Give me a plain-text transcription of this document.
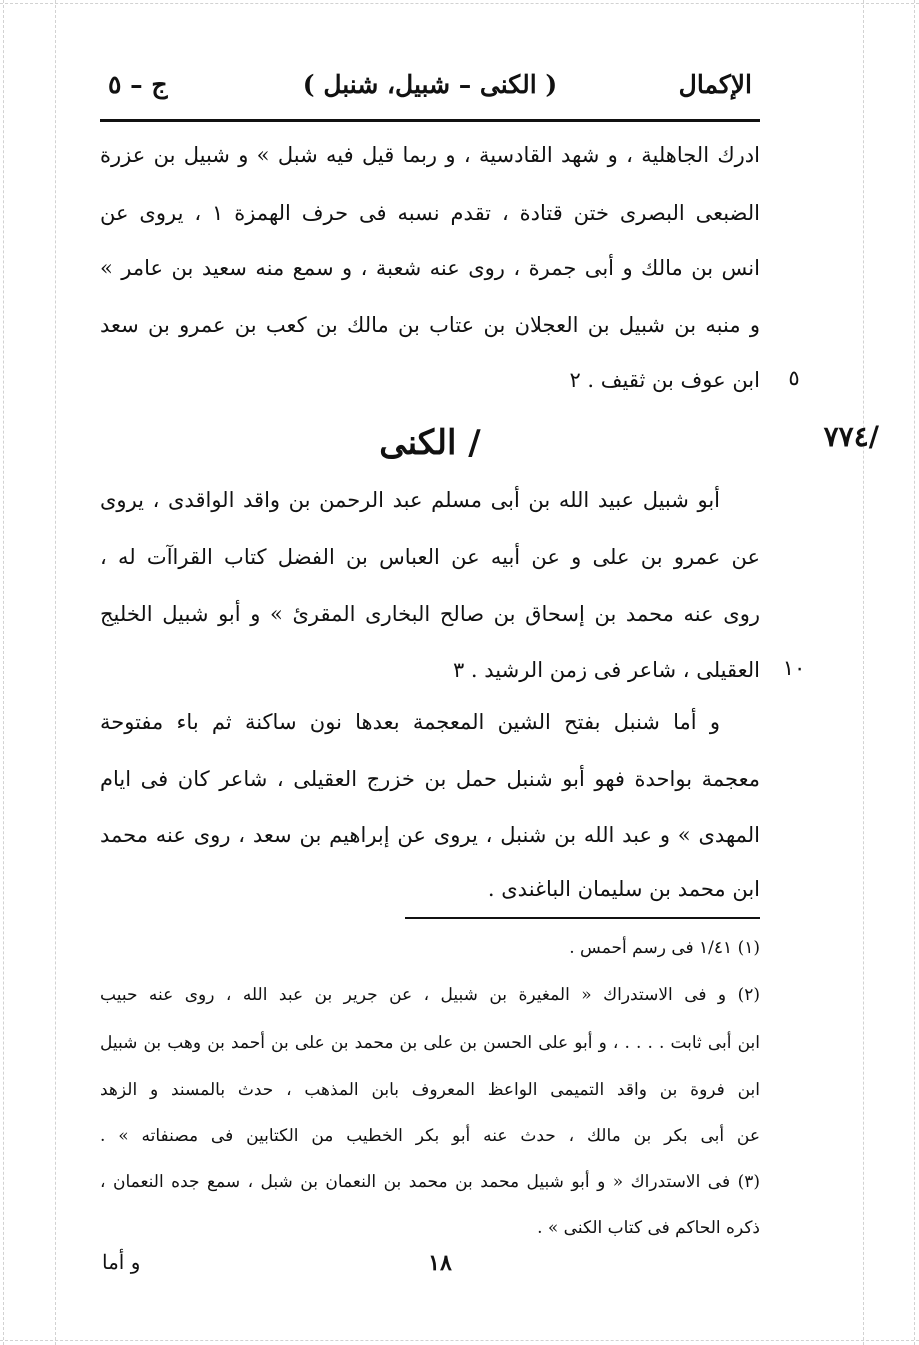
الإكمال
( الكنى – شبيل، شنبل )
ج – ٥
ادرك الجاهلية ، و شهد القادسية ، و ربما قيل فيه شبل » و شبيل بن عزرة
الضبعى البصرى ختن قتادة ، تقدم نسبه فى حرف الهمزة ١ ، يروى عن
انس بن مالك و أبى جمرة ، روى عنه شعبة ، و سمع منه سعيد بن عامر »
و منبه بن شبيل بن العجلان بن عتاب بن مالك بن كعب بن عمرو بن سعد
ابن عوف بن ثقيف . ٢	٥
/ الكنى	/٧٧٤
أبو شبيل عبيد الله بن أبى مسلم عبد الرحمن بن واقد الواقدى ، يروى
عن عمرو بن على و عن أبيه عن العباس بن الفضل كتاب القراآت له ،
روى عنه محمد بن إسحاق بن صالح البخارى المقرئ » و أبو شبيل الخليج
العقيلى ، شاعر فى زمن الرشيد . ٣	١٠
و أما شنبل بفتح الشين المعجمة بعدها نون ساكنة ثم باء مفتوحة
معجمة بواحدة فهو أبو شنبل حمل بن خزرج العقيلى ، شاعر كان فى ايام
المهدى » و عبد الله بن شنبل ، يروى عن إبراهيم بن سعد ، روى عنه محمد
ابن محمد بن سليمان الباغندى .
(١) ١/٤١ فى رسم أحمس .
(٢) و فى الاستدراك « المغيرة بن شبيل ، عن جرير بن عبد الله ، روى عنه حبيب
ابن أبى ثابت . . . . ، و أبو على الحسن بن على بن محمد بن على بن أحمد بن وهب بن شبيل
ابن فروة بن واقد التميمى الواعظ المعروف بابن المذهب ، حدث بالمسند و الزهد
عن أبى بكر بن مالك ، حدث عنه أبو بكر الخطيب من الكتابين فى مصنفاته » .
(٣) فى الاستدراك « و أبو شبيل محمد بن محمد بن النعمان بن شبل ، سمع جده النعمان ،
ذكره الحاكم فى كتاب الكنى » .
١٨
و أما
